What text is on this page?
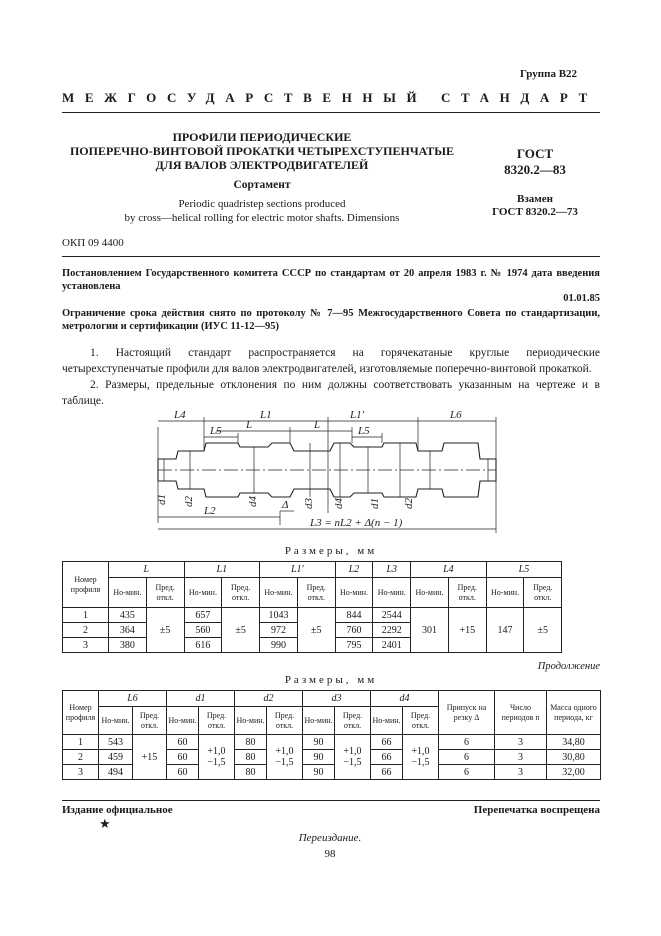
Группа В22
МЕЖГОСУДАРСТВЕННЫЙ СТАНДАРТ
ПРОФИЛИ ПЕРИОДИЧЕСКИЕ
ПОПЕРЕЧНО-ВИНТОВОЙ ПРОКАТКИ ЧЕТЫРЕХСТУПЕНЧАТЫЕ
ДЛЯ ВАЛОВ ЭЛЕКТРОДВИГАТЕЛЕЙ
Сортамент
Periodic quadristep sections produced
by cross—helical rolling for electric motor shafts. Dimensions
ГОСТ
8320.2—83
Взамен
ГОСТ 8320.2—73
ОКП 09 4400
Постановлением Государственного комитета СССР по стандартам от 20 апреля 1983 г. № 1974 дата введения установлена
01.01.85
Ограничение срока действия снято по протоколу № 7—95 Межгосударственного Совета по стандартизации, метрологии и сертификации (ИУС 11-12—95)
1. Настоящий стандарт распространяется на горячекатаные круглые периодические четырехступенчатые профили для валов электродвигателей, изготовляемые поперечно-винтовой прокаткой.
2. Размеры, предельные отклонения по ним должны соответствовать указанным на чертеже и в таблице.
L4	L1	L1'	L6
L5 L	L	L5
L2	Δ
L3 = nL2 + Δ(n − 1)
d1 d2	d4	d3 d4 d1 d2
Размеры, мм
Номер профиля	L		L1		L1'		L2	L3	L4		L5	
	Но-мин.	Пред. откл.	Но-мин.	Пред. откл.	Но-мин.	Пред. откл.	Но-мин.	Но-мин.	Но-мин.	Пред. откл.	Но-мин.	Пред. откл.
1	435	±5	657	±5	1043	±5	844	2544	301	+15	147	±5
2	364		560		972		760	2292				
3	380		616		990		795	2401				
Продолжение
Размеры, мм
Номер профиля	L6		d1		d2		d3		d4		Припуск на резку Δ	Число периодов n	Масса одного периода, кг
	Но-мин.	Пред. откл.	Но-мин.	Пред. откл.	Но-мин.	Пред. откл.	Но-мин.	Пред. откл.	Но-мин.	Пред. откл.			
1	543	+15	60	+1,0 −1,5	80	+1,0 −1,5	90	+1,0 −1,5	66	+1,0 −1,5	6	3	34,80
2	459		60		80		90		66		6	3	30,80
3	494		60		80		90		66		6	3	32,00
Издание официальное
★
Перепечатка воспрещена
Переиздание.
98
